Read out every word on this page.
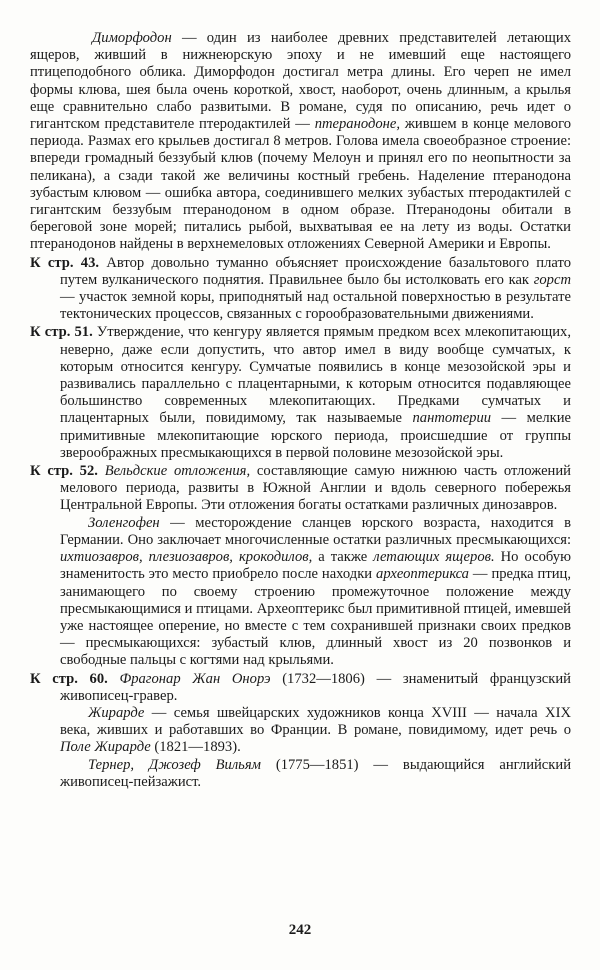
Диморфодон — один из наиболее древних представителей летающих ящеров, живший в нижнеюрскую эпоху и не имевший еще настоящего птицеподобного облика. Диморфодон достигал метра длины. Его череп не имел формы клюва, шея была очень короткой, хвост, наоборот, очень длинным, а крылья еще сравнительно слабо развитыми. В романе, судя по описанию, речь идет о гигантском представителе птеродактилей — птеранодоне, жившем в конце мелового периода. Размах его крыльев достигал 8 метров. Голова имела своеобразное строение: впереди громадный беззубый клюв (почему Мелоун и принял его по неопытности за пеликана), а сзади такой же величины костный гребень. Наделение птеранодона зубастым клювом — ошибка автора, соединившего мелких зубастых птеродактилей с гигантским беззубым птеранодоном в одном образе. Птеранодоны обитали в береговой зоне морей; питались рыбой, выхватывая ее на лету из воды. Остатки птеранодонов найдены в верхнемеловых отложениях Северной Америки и Европы.

К стр. 43. Автор довольно туманно объясняет происхождение базальтового плато путем вулканического поднятия. Правильнее было бы истолковать его как горст — участок земной коры, приподнятый над остальной поверхностью в результате тектонических процессов, связанных с горообразовательными движениями.

К стр. 51. Утверждение, что кенгуру является прямым предком всех млекопитающих, неверно, даже если допустить, что автор имел в виду вообще сумчатых, к которым относится кенгуру. Сумчатые появились в конце мезозойской эры и развивались параллельно с плацентарными, к которым относится подавляющее большинство современных млекопитающих. Предками сумчатых и плацентарных были, повидимому, так называемые пантотерии — мелкие примитивные млекопитающие юрского периода, происшедшие от группы звероображных пресмыкающихся в первой половине мезозойской эры.

К стр. 52. Вельдские отложения, составляющие самую нижнюю часть отложений мелового периода, развиты в Южной Англии и вдоль северного побережья Центральной Европы. Эти отложения богаты остатками различных динозавров.

Золенгофен — месторождение сланцев юрского возраста, находится в Германии. Оно заключает многочисленные остатки различных пресмыкающихся: ихтиозавров, плезиозавров, крокодилов, а также летающих ящеров. Но особую знаменитость это место приобрело после находки археоптерикса — предка птиц, занимающего по своему строению промежуточное положение между пресмыкающимися и птицами. Археоптерикс был примитивной птицей, имевшей уже настоящее оперение, но вместе с тем сохранившей признаки своих предков — пресмыкающихся: зубастый клюв, длинный хвост из 20 позвонков и свободные пальцы с когтями над крыльями.

К стр. 60. Фрагонар Жан Онорэ (1732—1806) — знаменитый французский живописец-гравер.

Жирарде — семья швейцарских художников конца XVIII — начала XIX века, живших и работавших во Франции. В романе, повидимому, идет речь о Поле Жирарде (1821—1893).

Тернер, Джозеф Вильям (1775—1851) — выдающийся английский живописец-пейзажист.

242
